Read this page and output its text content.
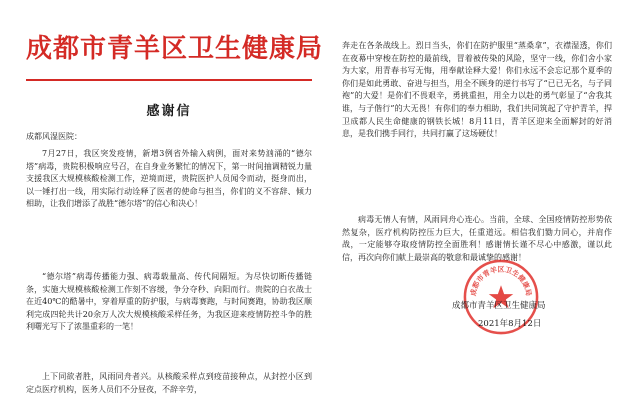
成都市青羊区卫生健康局
感谢信
成都风湿医院：
7月27日，我区突发疫情，新增3例省外输入病例，面对来势汹涌的“德尔塔”病毒，贵院积极响应号召，在自身业务繁忙的情况下，第一时间抽调精锐力量支援我区大规模核酸检测工作，逆境而逆，贵院医护人员闻令而动，挺身而出，以一锤打出一线，用实际行动诠释了医者的使命与担当，你们的义不容辞、倾力相助，让我们增添了战胜“德尔塔”的信心和决心！
“德尔塔”病毒传播能力强、病毒载量高、传代间隔短。为尽快切断传播链条，实施大规模核酸检测工作刻不容缓，争分夺秒、向阳而行。贵院的白衣战士在近40℃的酷暑中，穿着厚重的防护服，与病毒赛跑，与时间赛跑，协助我区顺利完成四轮共计20余万人次大规模核酸采样任务，为我区迎来疫情防控斗争的胜利曙光写下了浓墨重彩的一笔！
上下同欲者胜，风雨同舟者兴。从核酸采样点到疫苗接种点，从封控小区到定点医疗机构，医务人员们不分昼夜，不辞辛劳，
奔走在各条战线上。烈日当头，你们在防护服里“蒸桑拿”，衣襟湿透，你们在夜幕中穿梭在防控的最前线，冒着被传染的风险，坚守一线，你们舍小家为大家，用青春书写无悔，用奉献诠释大爱！你们永远不会忘记那个夏季的你们是如此勇敢、奋进与担当，用全不顾身的逆行书写了“已已无名，与子同袍”的大爱！是你们不畏艰辛，勇挑重担，用全力以赴的勇气彰显了“舍我其谁，与子偕行”的大无畏！有你们的奉力相助，我们共同筑起了守护青羊，捍卫成都人民生命健康的钢铁长城！8月11日，青羊区迎来全面解封的好消息，是我们携手同行，共同打赢了这场硬仗！
病毒无情人有情，风雨同舟心连心。当前，全球、全国疫情防控形势依然复杂，医疗机构防控压力巨大，任重道远。相信我们勠力同心，并肩作战，一定能够夺取疫情防控全面胜利！感谢情长谨不尽心中感激，谨以此信，再次向你们献上最崇高的敬意和最诚挚的感谢！
成都市青羊区卫生健康局
成都市青羊区卫生健康局
2021年8月12日
